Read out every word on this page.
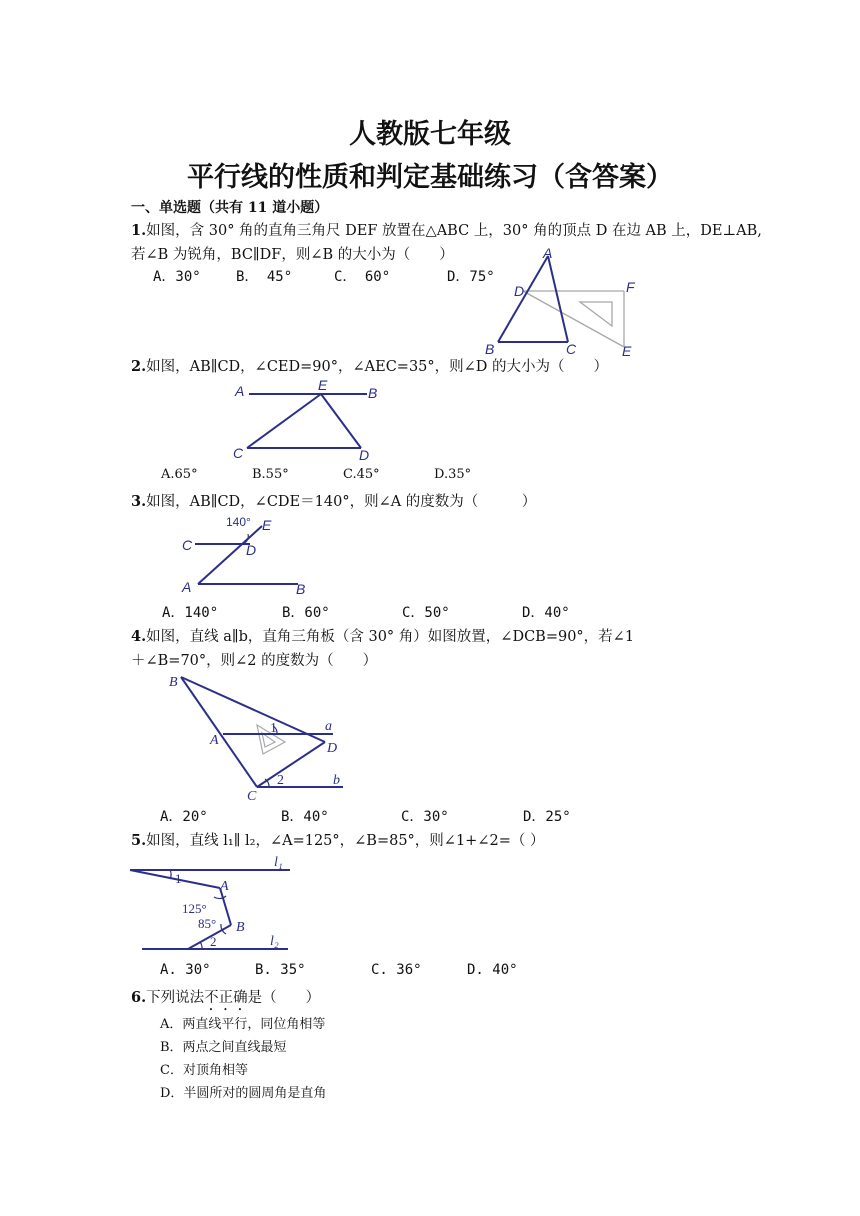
人教版七年级
平行线的性质和判定基础练习（含答案）
一、单选题（共有 11 道小题）
1.如图，含 30° 角的直角三角尺 DEF 放置在△ABC 上，30° 角的顶点 D 在边 AB 上，DE⊥AB,
若∠B 为锐角，BC∥DF，则∠B 的大小为（　　）
A．30°	B． 45°	C． 60°	D．75°
A
D	F
B	C	E
2.如图，AB∥CD，∠CED=90°，∠AEC=35°，则∠D 的大小为（　　）
A	E	B
C	D
A.65°	B.55°	C.45°	D.35°
3.如图，AB∥CD，∠CDE＝140°，则∠A 的度数为（　　　）
140° E
C	D
A	B
A．140°	B．60°	C．50°	D．40°
4.如图，直线 a∥b，直角三角板（含 30° 角）如图放置，∠DCB=90°，若∠1
＋∠B=70°，则∠2 的度数为（　　）
1
2
B
A
a
D
b
C
A．20°	B．40°	C．30°	D．25°
5.如图，直线 l₁∥ l₂，∠A=125°，∠B=85°，则∠1+∠2=（ ）
l₁
A
B
l₂
1
125°
85°
2
A. 30°	B. 35°	C. 36°	D. 40°
6.下列说法不正确是（　　）
A．两直线平行，同位角相等
B．两点之间直线最短
C．对顶角相等
D．半圆所对的圆周角是直角
